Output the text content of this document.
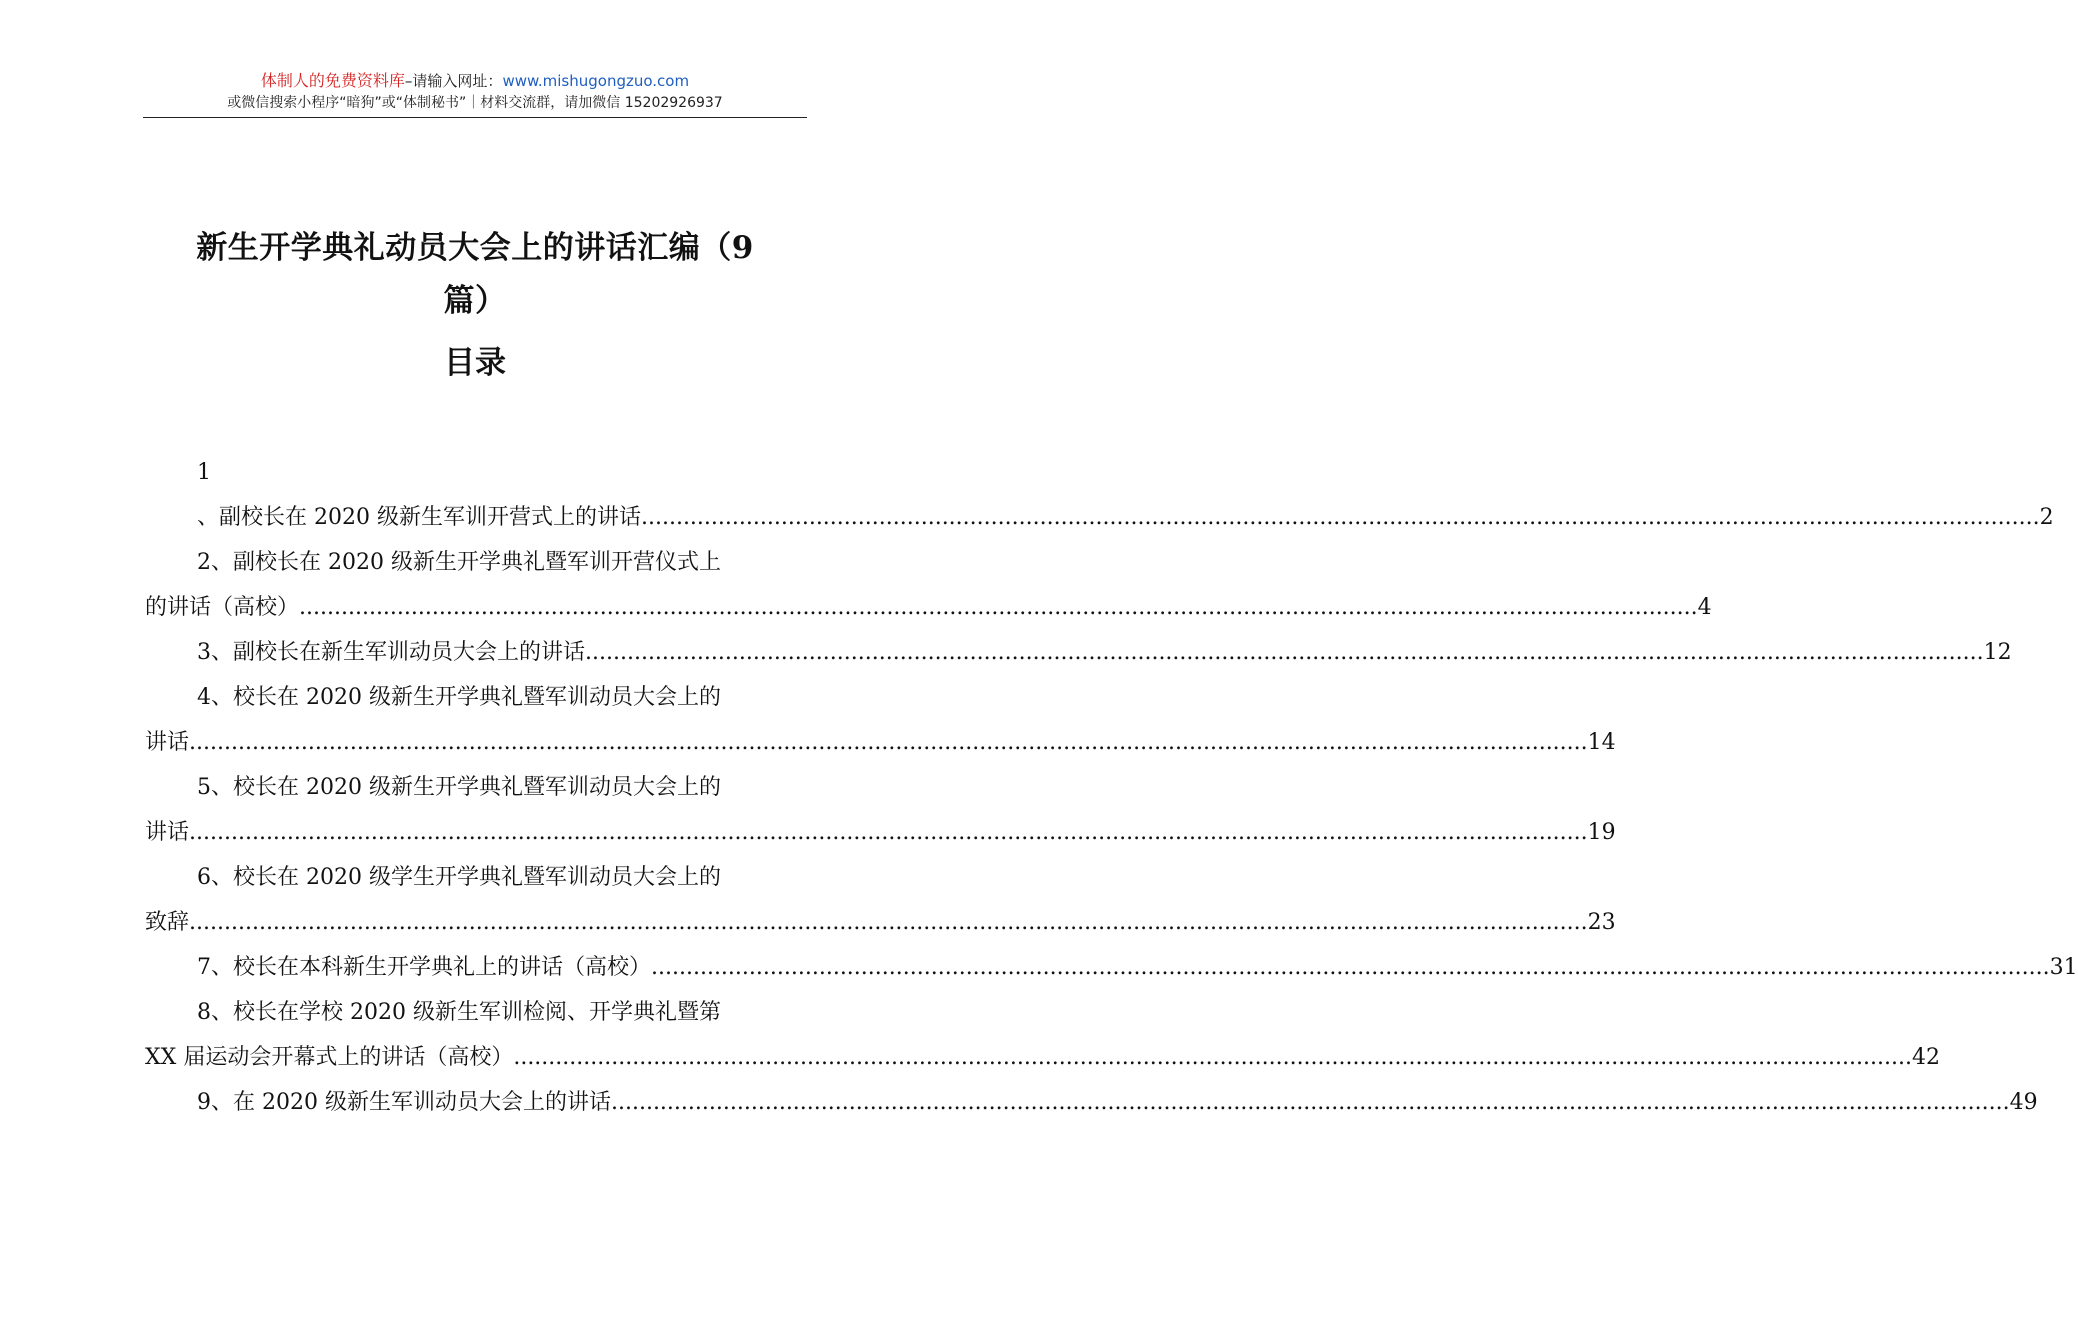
体制人的免费资料库–请输入网址：www.mishugongzuo.com
或微信搜索小程序“暗狗”或“体制秘书”｜材料交流群，请加微信 15202926937
新生开学典礼动员大会上的讲话汇编（9
篇）
目录
1
、副校长在 2020 级新生军训开营式上的讲话 ........................................................................................................................................................................................................ 2
2、副校长在 2020 级新生开学典礼暨军训开营仪式上
的讲话（高校） ........................................................................................................................................................................................................ 4
3、副校长在新生军训动员大会上的讲话 ........................................................................................................................................................................................................ 12
4、校长在 2020 级新生开学典礼暨军训动员大会上的
讲话 ........................................................................................................................................................................................................ 14
5、校长在 2020 级新生开学典礼暨军训动员大会上的
讲话 ........................................................................................................................................................................................................ 19
6、校长在 2020 级学生开学典礼暨军训动员大会上的
致辞 ........................................................................................................................................................................................................ 23
7、校长在本科新生开学典礼上的讲话（高校） ........................................................................................................................................................................................................ 31
8、校长在学校 2020 级新生军训检阅、开学典礼暨第
XX 届运动会开幕式上的讲话（高校） ........................................................................................................................................................................................................ 42
9、在 2020 级新生军训动员大会上的讲话 ........................................................................................................................................................................................................ 49
